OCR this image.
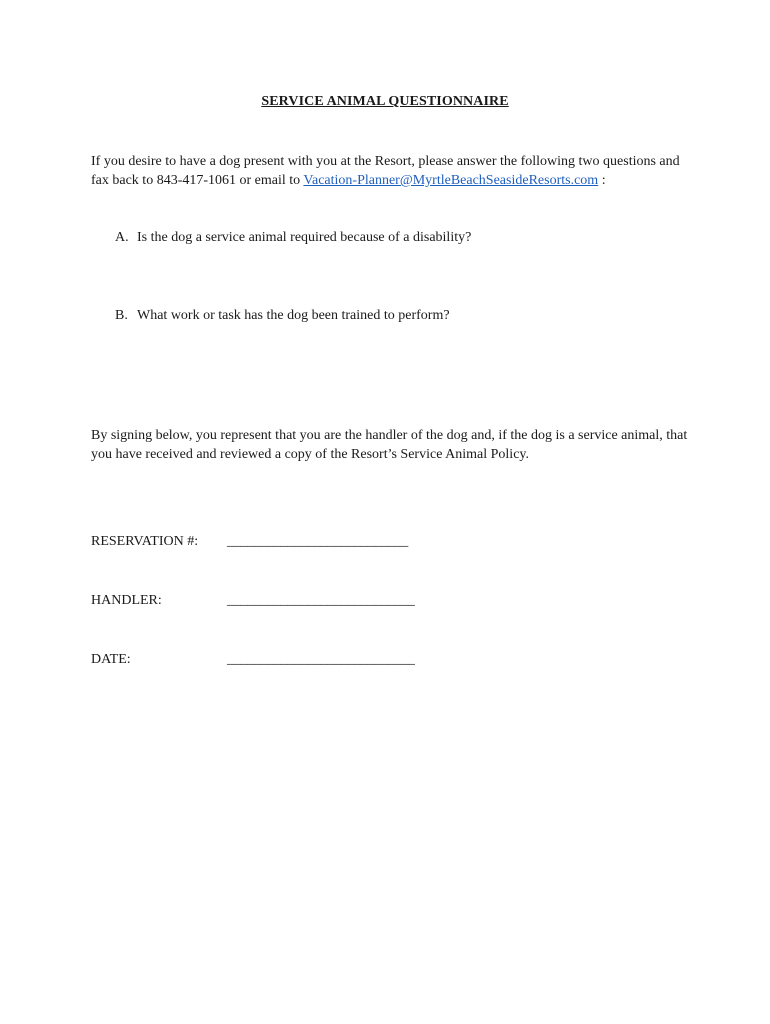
SERVICE ANIMAL QUESTIONNAIRE
If you desire to have a dog present with you at the Resort, please answer the following two questions and fax back to 843-417-1061 or email to Vacation-Planner@MyrtleBeachSeasideResorts.com :
A. Is the dog a service animal required because of a disability?
B. What work or task has the dog been trained to perform?
By signing below, you represent that you are the handler of the dog and, if the dog is a service animal, that you have received and reviewed a copy of the Resort’s Service Animal Policy.
RESERVATION #: ___________________________
HANDLER:	____________________________
DATE:	____________________________
